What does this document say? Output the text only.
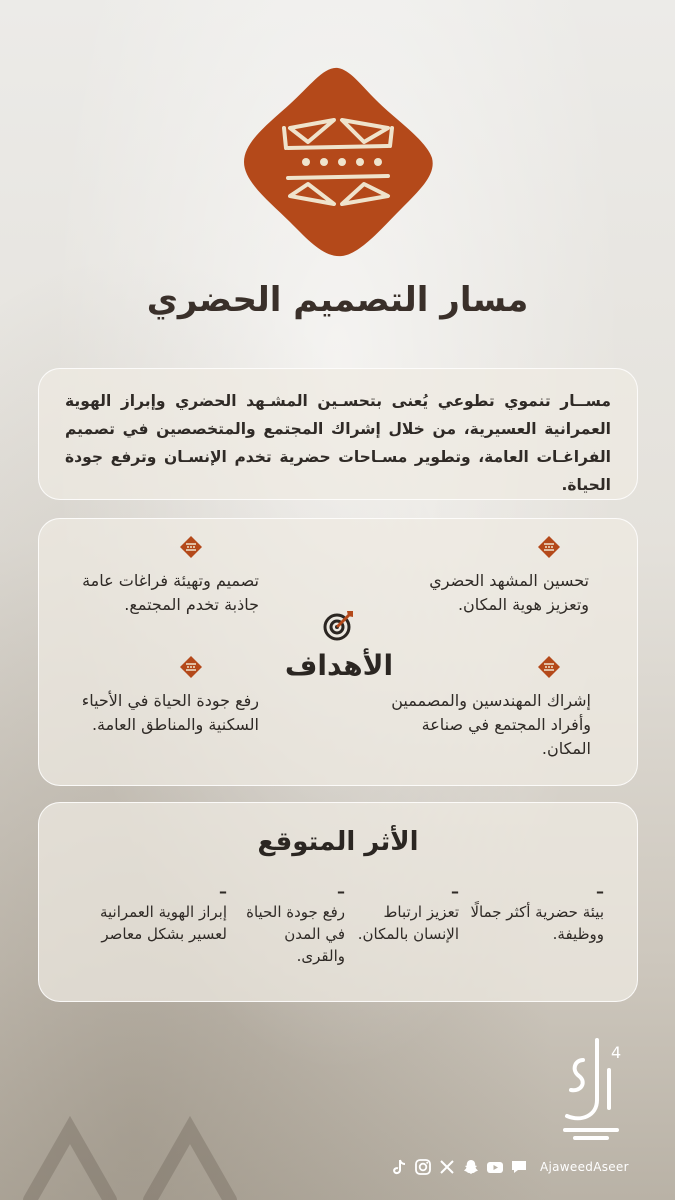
مسار التصميم الحضري

مســار تنموي تطوعي يُعنى بتحسـين المشـهد الحضري وإبراز الهوية العمرانية العسيرية، من خلال إشراك المجتمع والمتخصصين في تصميم الفراغـات العامة، وتطوير مسـاحات حضرية تخدم الإنسـان وترفع جودة الحياة.

الأهداف
تحسين المشهد الحضري وتعزيز هوية المكان.
تصميم وتهيئة فراغات عامة جاذبة تخدم المجتمع.
إشراك المهندسين والمصممين وأفراد المجتمع في صناعة المكان.
رفع جودة الحياة في الأحياء السكنية والمناطق العامة.
الأثر المتوقع
–
بيئة حضرية أكثر جمالًا ووظيفة.
–
تعزيز ارتباط الإنسان بالمكان.
–
رفع جودة الحياة في المدن والقرى.
–
إبراز الهوية العمرانية لعسير بشكل معاصر
4
AjaweedAseer
